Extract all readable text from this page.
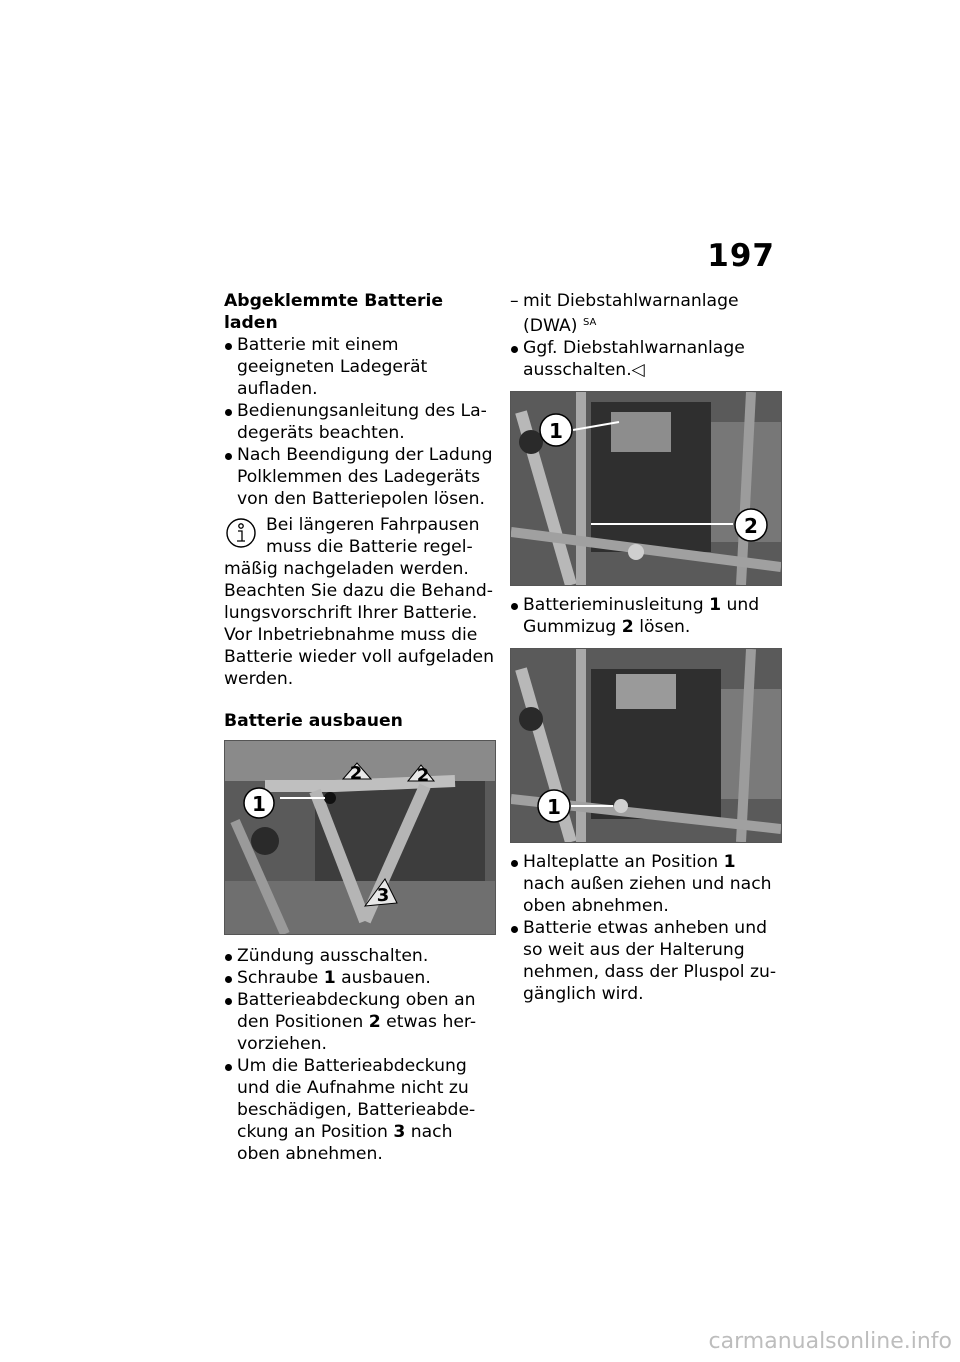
197
Abgeklemmte Batterie laden
Batterie mit einem geeigneten Ladegerät aufladen.
Bedienungsanleitung des La-degeräts beachten.
Nach Beendigung der Ladung Polklemmen des Ladegeräts von den Batteriepolen lösen.
Bei längeren Fahrpausen muss die Batterie regel-
mäßig nachgeladen werden. Beachten Sie dazu die Behand-lungsvorschrift Ihrer Batterie. Vor Inbetriebnahme muss die Batterie wieder voll aufgeladen werden.
Batterie ausbauen
1
2	2
3
Zündung ausschalten.
Schraube 1 ausbauen.
Batterieabdeckung oben an den Positionen 2 etwas her-vorziehen.
Um die Batterieabdeckung und die Aufnahme nicht zu beschädigen, Batterieabde-ckung an Position 3 nach oben abnehmen.
– mit Diebstahlwarnanlage (DWA) $^{SA}$
Ggf. Diebstahlwarnanlage ausschalten.◁
1
2
Batterieminusleitung 1 und Gummizug 2 lösen.
1
Halteplatte an Position 1 nach außen ziehen und nach oben abnehmen.
Batterie etwas anheben und so weit aus der Halterung nehmen, dass der Pluspol zu-gänglich wird.
carmanualsonline.info
